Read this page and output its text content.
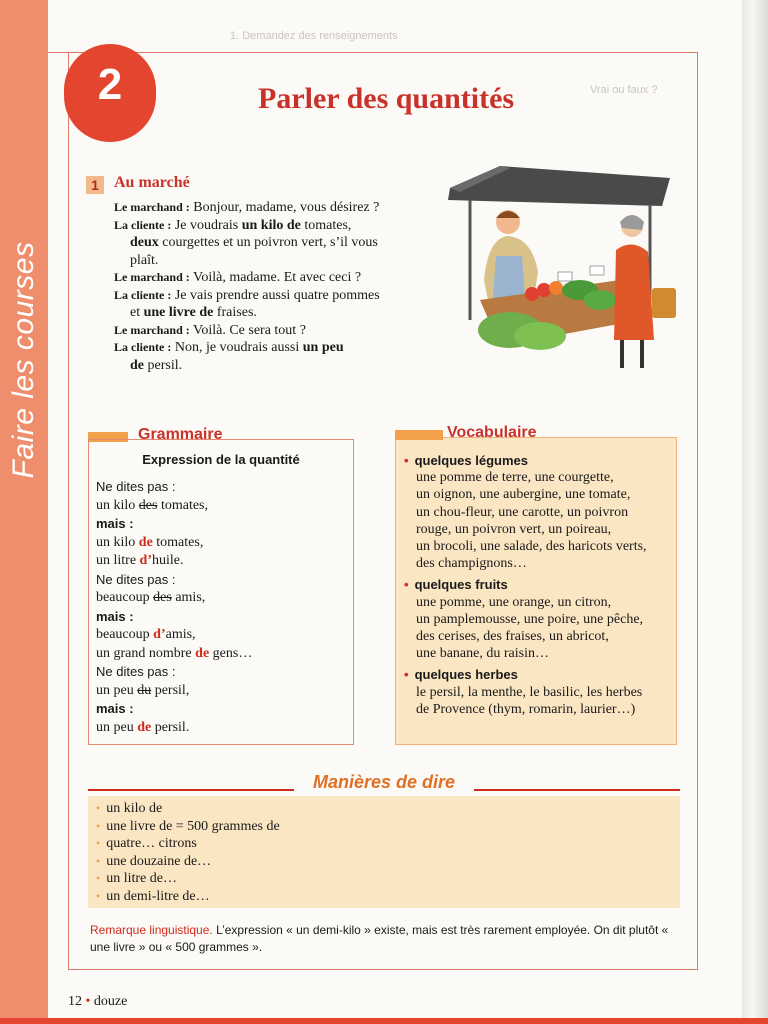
Faire les courses
1. Demandez des renseignements
Vrai ou faux ?
2	Parler des quantités
1 Au marché

Le marchand : Bonjour, madame, vous désirez ?

La cliente : Je voudrais un kilo de tomates,
deux courgettes et un poivron vert, s’il vous
plaît.

Le marchand : Voilà, madame. Et avec ceci ?

La cliente : Je vais prendre aussi quatre pommes
et une livre de fraises.

Le marchand : Voilà. Ce sera tout ?

La cliente : Non, je voudrais aussi un peu
de persil.

Grammaire
Expression de la quantité

Ne dites pas :

un kilo des tomates,

mais :

un kilo de tomates,

un litre d’huile.

Ne dites pas :

beaucoup des amis,

mais :

beaucoup d’amis,

un grand nombre de gens…

Ne dites pas :

un peu du persil,

mais :

un peu de persil.

Vocabulaire

• quelques légumes

une pomme de terre, une courgette,
un oignon, une aubergine, une tomate,
un chou-fleur, une carotte, un poivron
rouge, un poivron vert, un poireau,
un brocoli, une salade, des haricots verts,
des champignons…

• quelques fruits

une pomme, une orange, un citron,
un pamplemousse, une poire, une pêche,
des cerises, des fraises, un abricot,
une banane, du raisin…

• quelques herbes

le persil, la menthe, le basilic, les herbes
de Provence (thym, romarin, laurier…)

Manières de dire
• un kilo de
• une livre de = 500 grammes de
• quatre… citrons
• une douzaine de…
• un litre de…
• un demi-litre de…
Remarque linguistique. L’expression « un demi-kilo » existe, mais est très rarement employée. On dit plutôt « une livre » ou « 500 grammes ».
12 • douze
